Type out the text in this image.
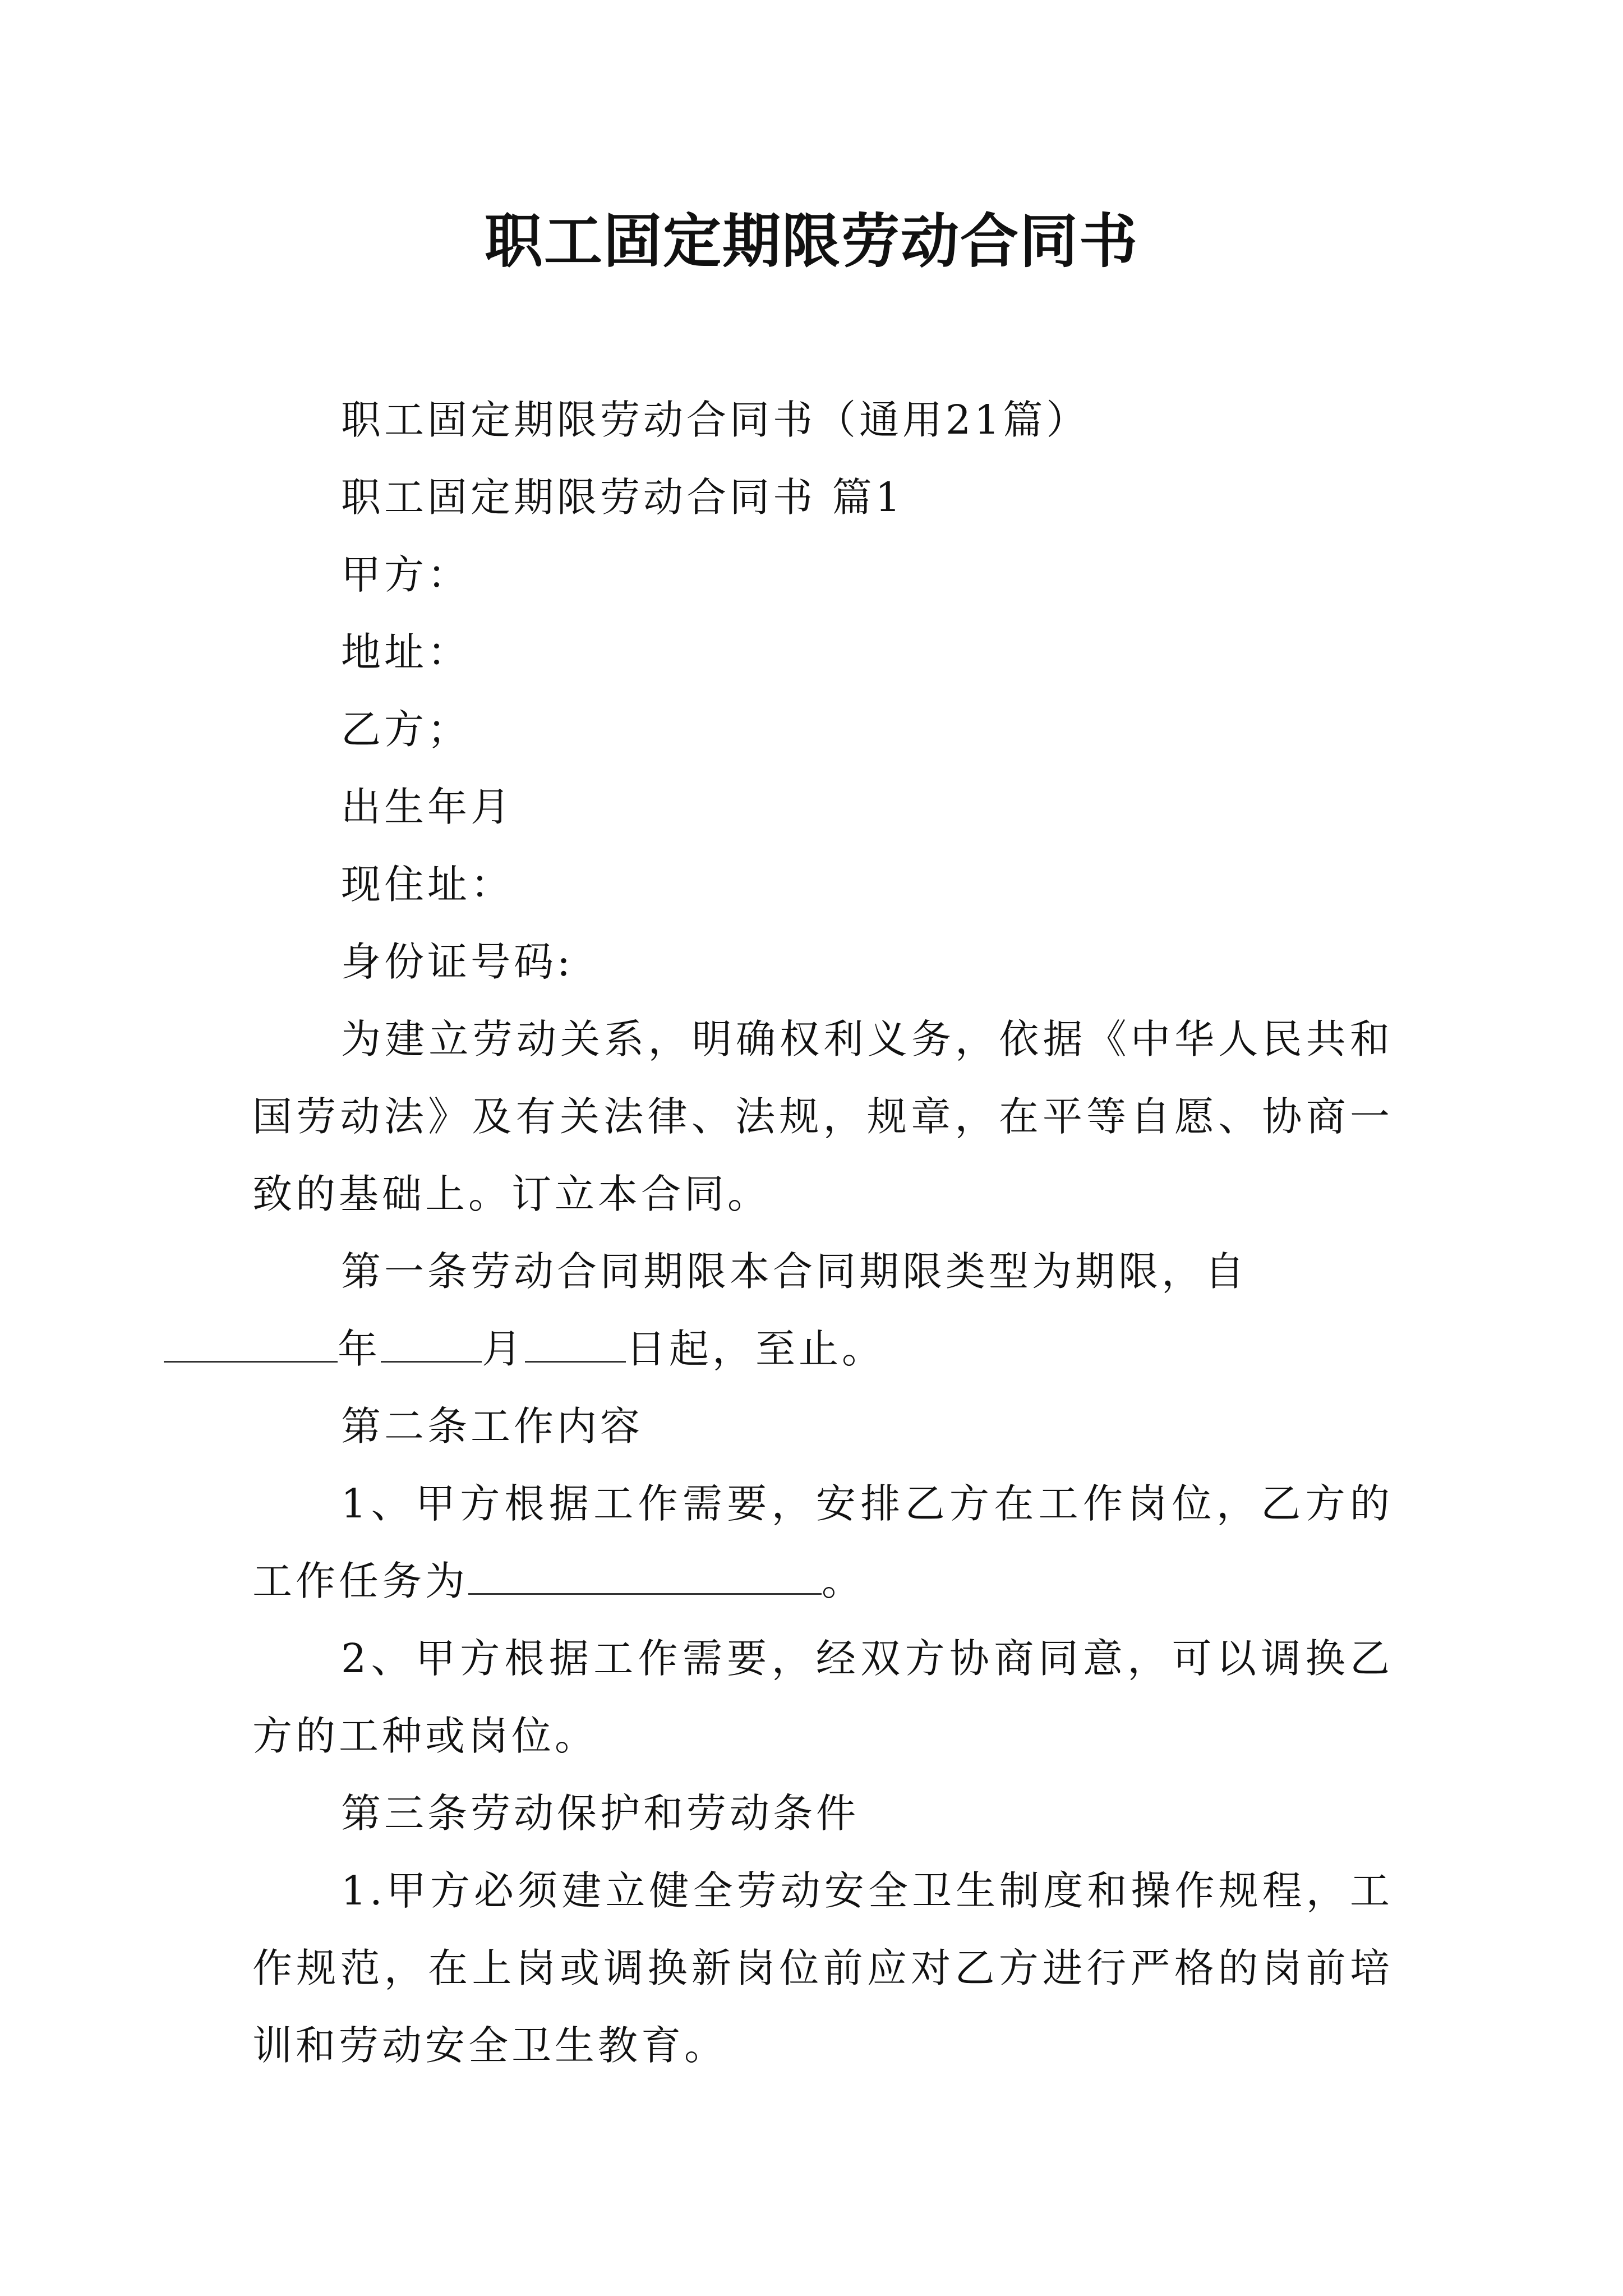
职工固定期限劳动合同书

职工固定期限劳动合同书（通用21篇）

职工固定期限劳动合同书 篇1

甲方：

地址：

乙方；

出生年月

现住址：

身份证号码:

为建立劳动关系，明确权利义务，依据《中华人民共和国劳动法》及有关法律、法规，规章，在平等自愿、协商一致的基础上。订立本合同。

第一条劳动合同期限本合同期限类型为期限，自
年	月	日起，至止。

第二条工作内容

1、甲方根据工作需要，安排乙方在工作岗位，乙方的工作任务为	。

2、甲方根据工作需要，经双方协商同意，可以调换乙方的工种或岗位。

第三条劳动保护和劳动条件

1.甲方必须建立健全劳动安全卫生制度和操作规程，工作规范，在上岗或调换新岗位前应对乙方进行严格的岗前培训和劳动安全卫生教育。
